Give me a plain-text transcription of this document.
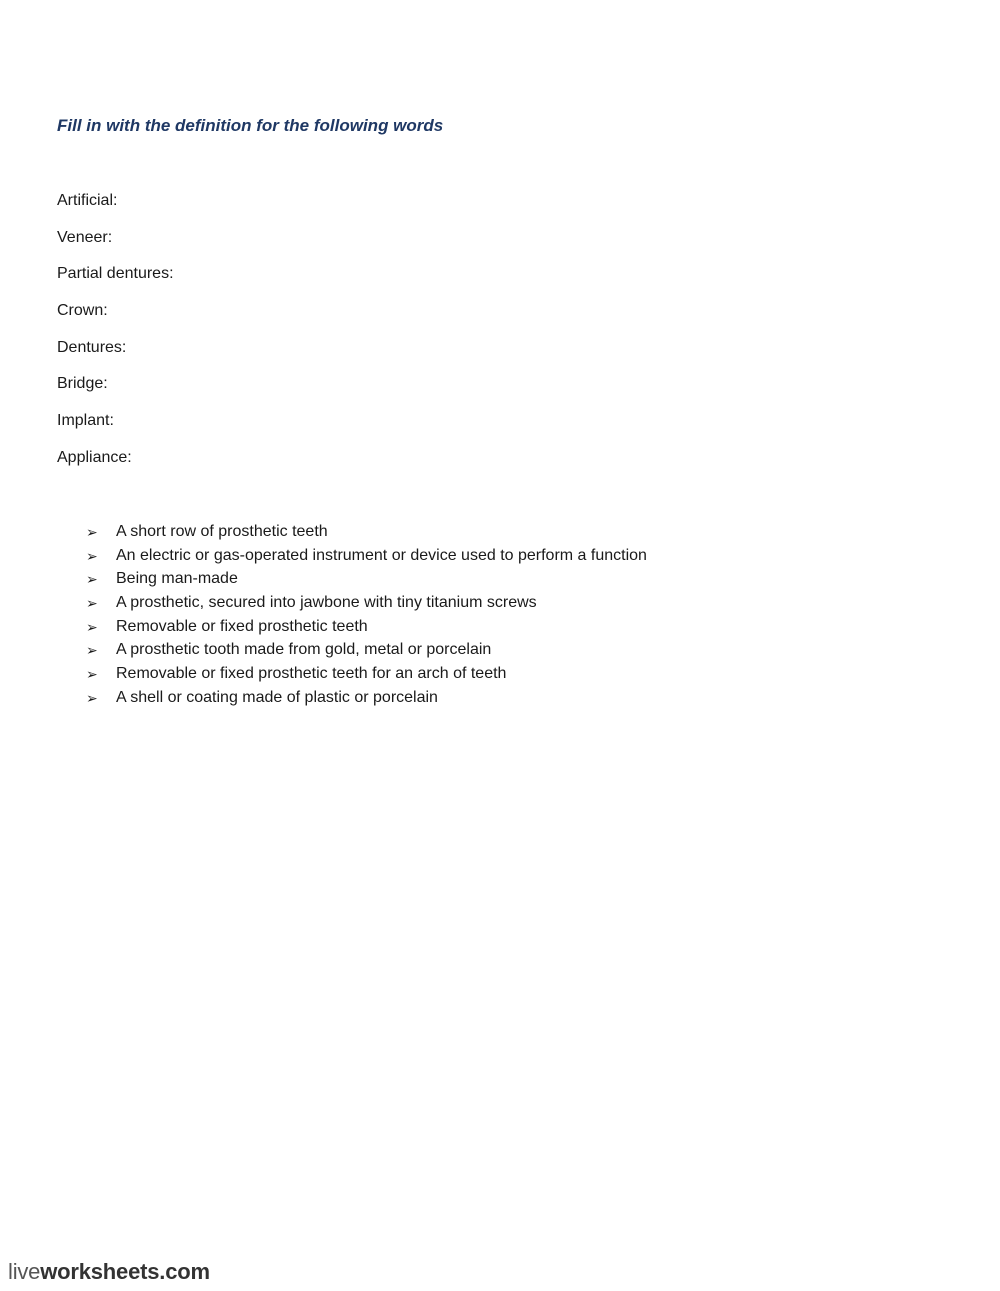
Fill in with the definition for the following words
Artificial:
Veneer:
Partial dentures:
Crown:
Dentures:
Bridge:
Implant:
Appliance:
➢	A short row of prosthetic teeth
➢	An electric or gas-operated instrument or device used to perform a function
➢	Being man-made
➢	A prosthetic, secured into jawbone with tiny titanium screws
➢	Removable or fixed prosthetic teeth
➢	A prosthetic tooth made from gold, metal or porcelain
➢	Removable or fixed prosthetic teeth for an arch of teeth
➢	A shell or coating made of plastic or porcelain
liveworksheets.com
